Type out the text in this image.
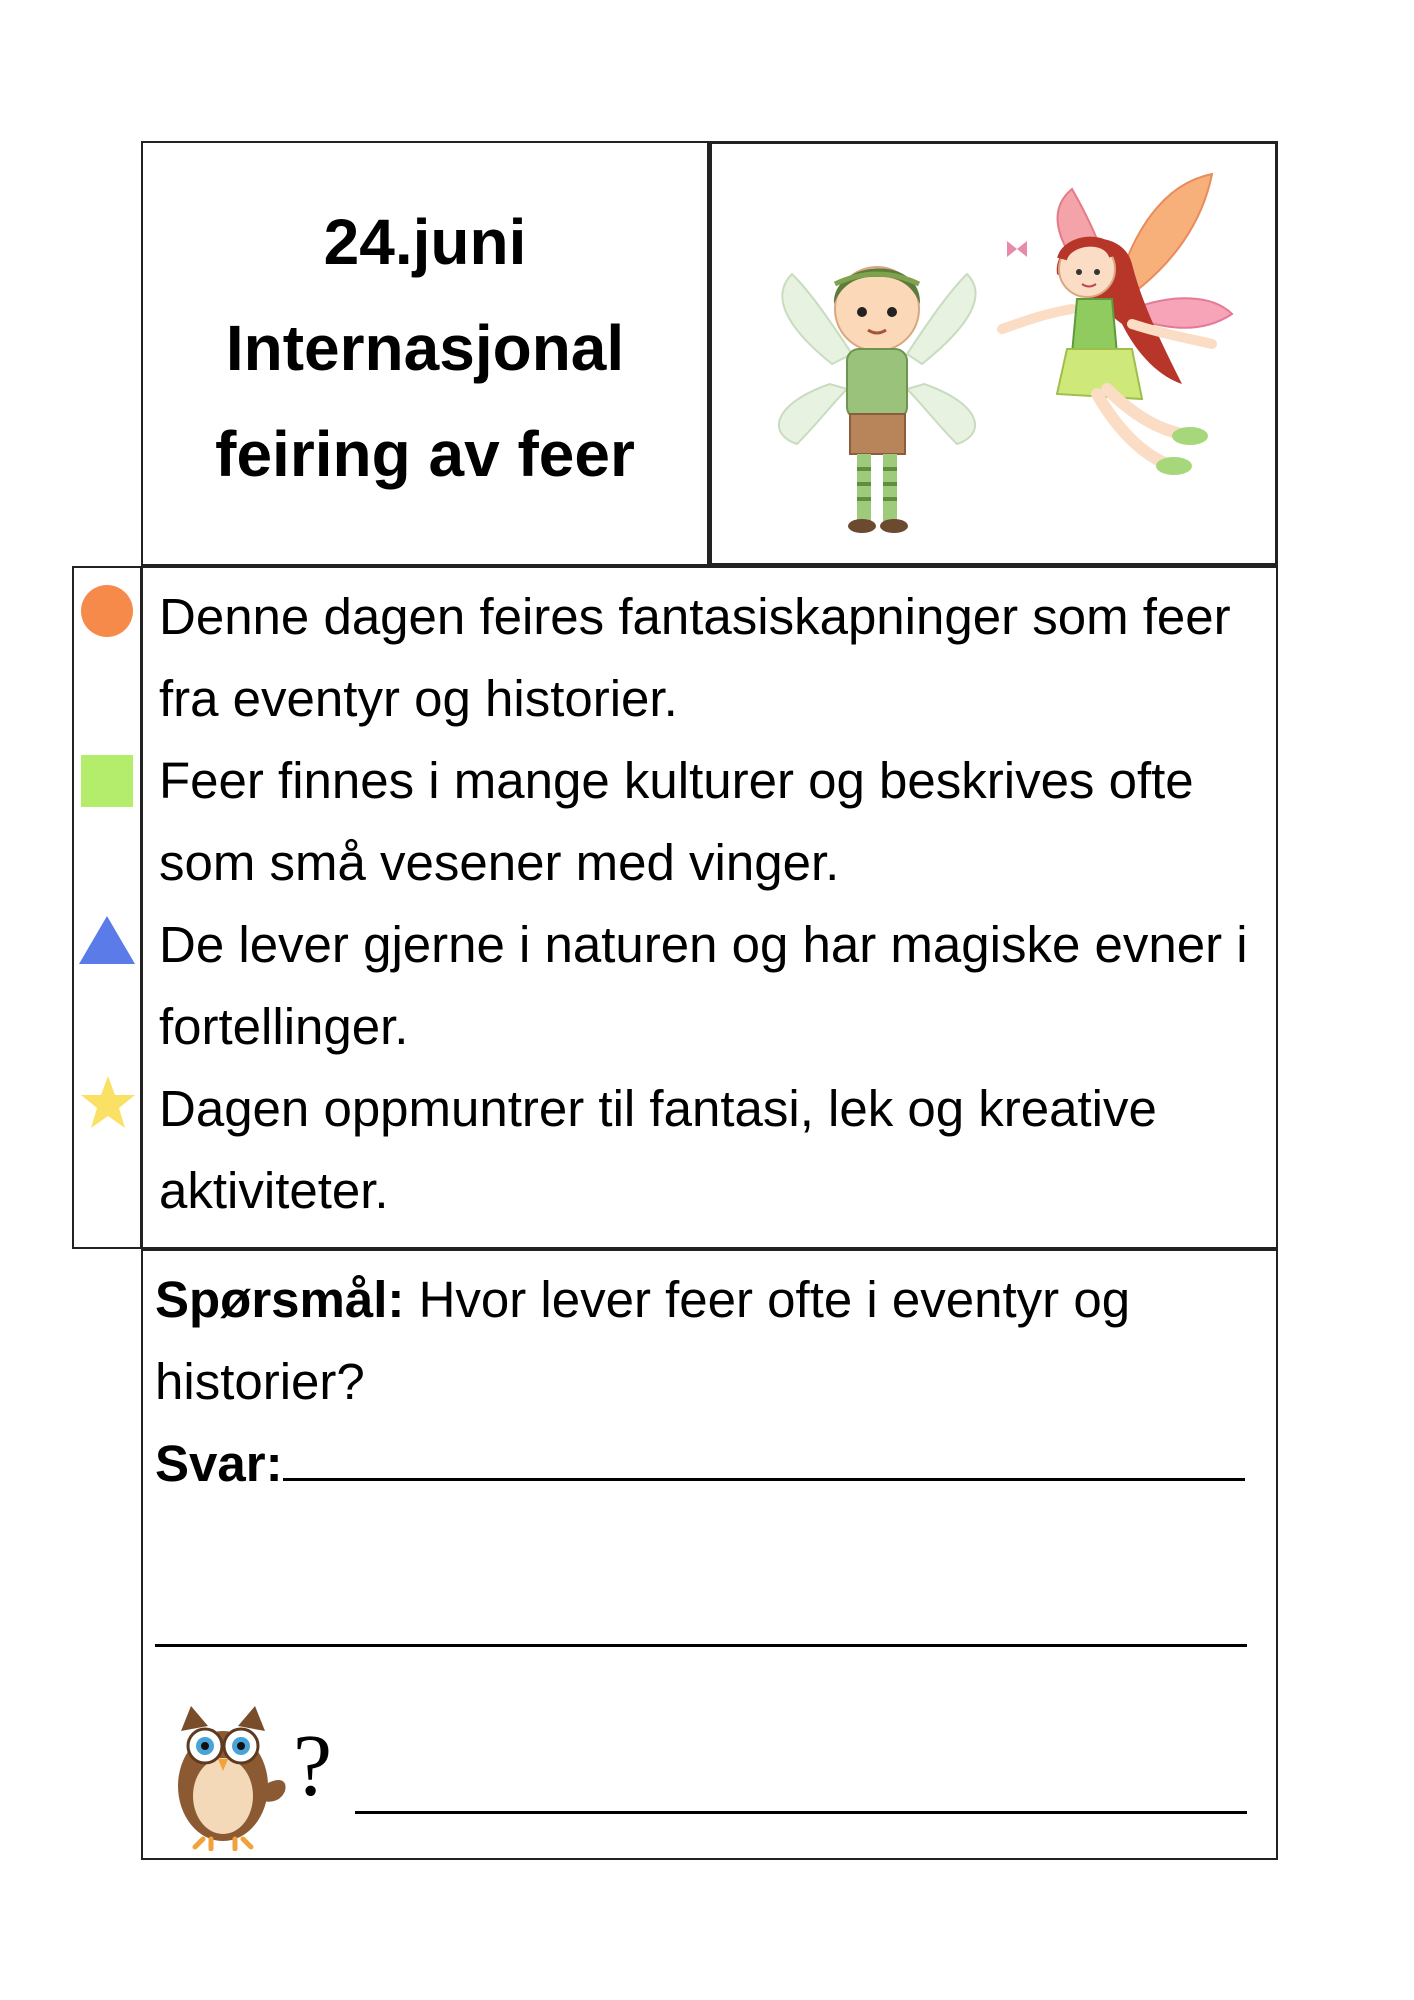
24.juni
Internasjonal
feiring av feer

Denne dagen feires fantasiskapninger som feer fra eventyr og historier.

Feer finnes i mange kulturer og beskrives ofte som små vesener med vinger.

De lever gjerne i naturen og har magiske evner i fortellinger.

Dagen oppmuntrer til fantasi, lek og kreative aktiviteter.

Spørsmål: Hvor lever feer ofte i eventyr og historier?

Svar:

?
